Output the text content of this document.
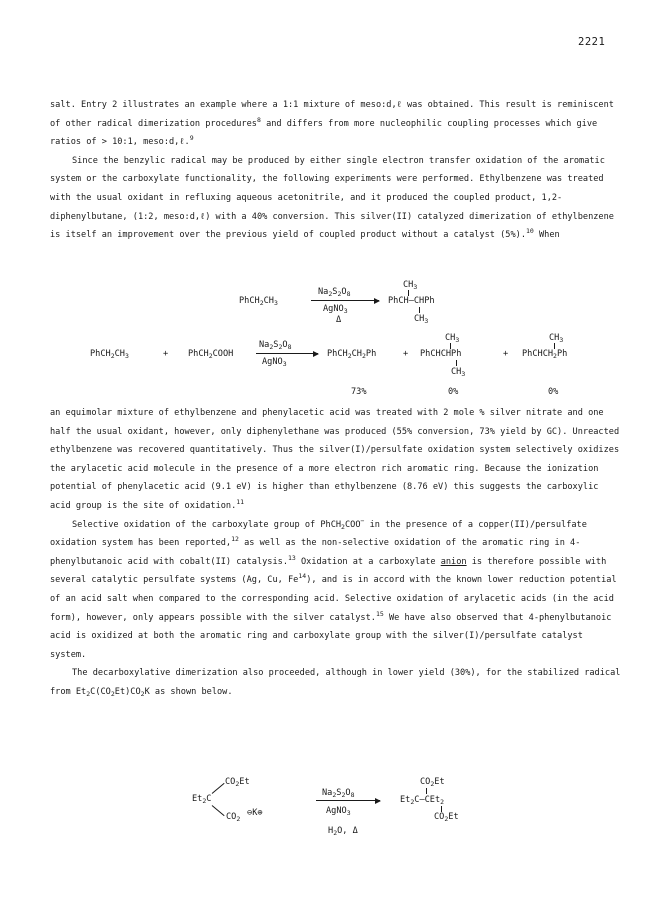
2221

salt. Entry 2 illustrates an example where a 1:1 mixture of meso:d,ℓ was obtained. This result is reminiscent of other radical dimerization procedures$^8$ and differs from more nucleophilic coupling processes which give ratios of > 10:1, meso:d,ℓ.$^9$

Since the benzylic radical may be produced by either single electron transfer oxidation of the aromatic system or the carboxylate functionality, the following experiments were performed. Ethylbenzene was treated with the usual oxidant in refluxing aqueous acetonitrile, and it produced the coupled product, 1,2-diphenylbutane, (1:2, meso:d,ℓ) with a 40% conversion. This silver(II) catalyzed dimerization of ethylbenzene is itself an improvement over the previous yield of coupled product without a catalyst (5%).$^{10}$ When

$PhCH_2CH_3$
$Na_2S_2O_8$
AgNO$_3$
Δ
$CH_3$
PhCH—CHPh
$CH_3$
$PhCH_2CH_3$	+ PhCH$_2$COOH
$Na_2S_2O_8$
AgNO$_3$
$PhCH_2CH_2Ph$	+
$CH_3$
PhCHCHPh
$CH_3$
+
$CH_3$
PhCHCH$_2$Ph
73%	0%	0%

an equimolar mixture of ethylbenzene and phenylacetic acid was treated with 2 mole % silver nitrate and one half the usual oxidant, however, only diphenylethane was produced (55% conversion, 73% yield by GC). Unreacted ethylbenzene was recovered quantitatively. Thus the silver(I)/persulfate oxidation system selectively oxidizes the arylacetic acid molecule in the presence of a more electron rich aromatic ring. Because the ionization potential of phenylacetic acid (9.1 eV) is higher than ethylbenzene (8.76 eV) this suggests the carboxylic acid group is the site of oxidation.$^{11}$

Selective oxidation of the carboxylate group of PhCH$_2$COO− in the presence of a copper(II)/persulfate oxidation system has been reported,$^{12}$ as well as the non-selective oxidation of the aromatic ring in 4-phenylbutanoic acid with cobalt(II) catalysis.$^{13}$ Oxidation at a carboxylate anion is therefore possible with several catalytic persulfate systems (Ag, Cu, Fe$^{14}$), and is in accord with the known lower reduction potential of an acid salt when compared to the corresponding acid. Selective oxidation of arylacetic acids (in the acid form), however, only appears possible with the silver catalyst.$^{15}$ We have also observed that 4-phenylbutanoic acid is oxidized at both the aromatic ring and carboxylate group with the silver(I)/persulfate catalyst system.

The decarboxylative dimerization also proceeded, although in lower yield (30%), for the stabilized radical from $Et_2C(CO_2Et)CO_2K$ as shown below.

$CO_2Et$
$Et_2C$
$CO_2$
⊖K⊕
$Na_2S_2O_8$
AgNO$_3$
$H_2O$, Δ
$CO_2Et$
$Et_2C—CEt_2$
$CO_2Et$
